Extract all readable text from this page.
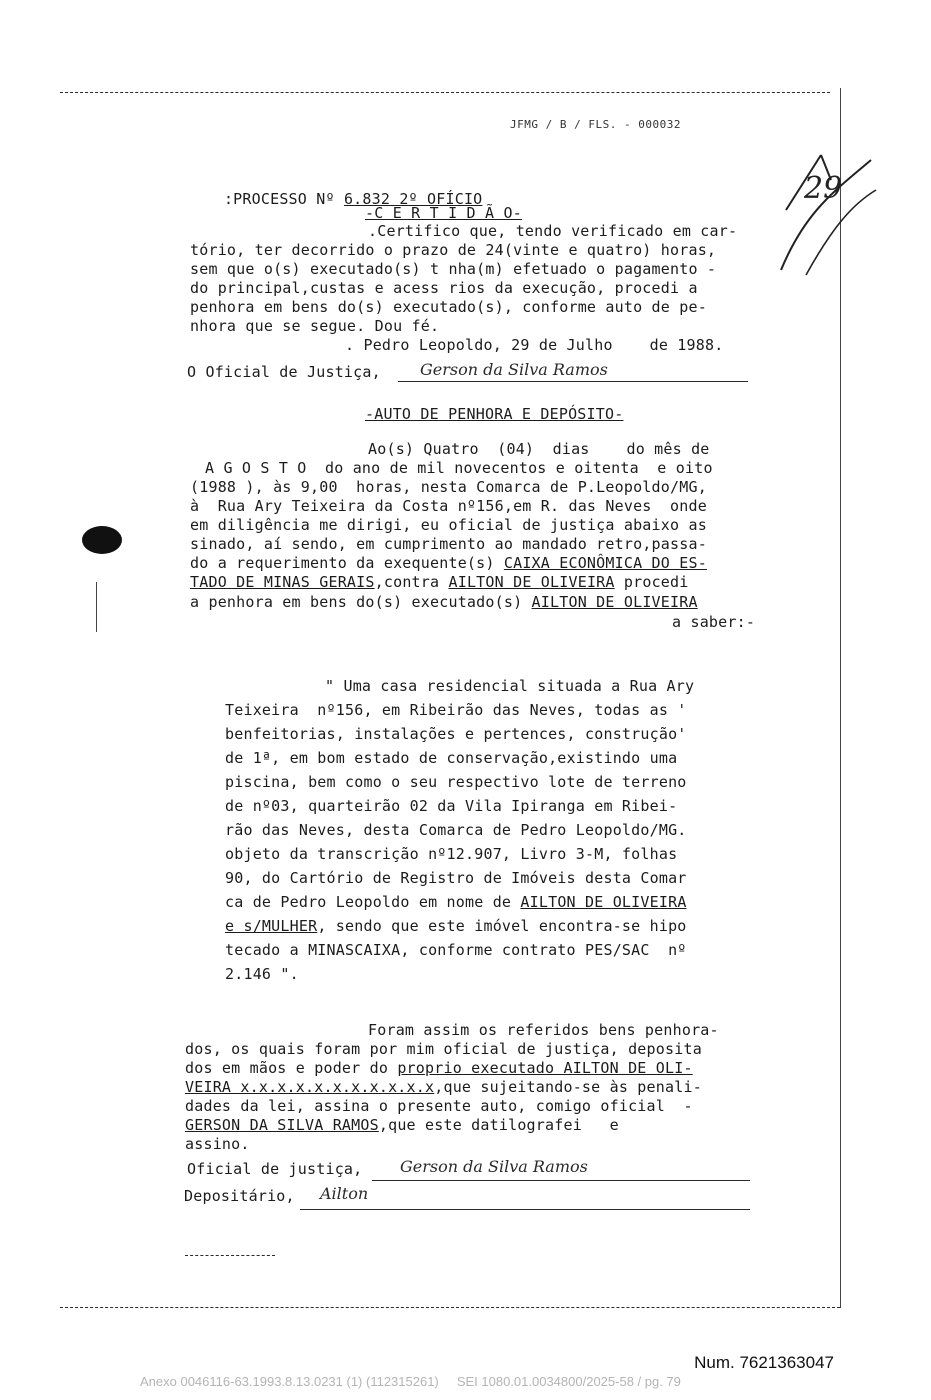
JFMG / B / FLS. - 000032
29

:PROCESSO Nº 6.832 2º OFÍCIO

-C E R T I D Ã O-
.Certifico que, tendo verificado em car-
tório, ter decorrido o prazo de 24(vinte e quatro) horas,
sem que o(s) executado(s) t nha(m) efetuado o pagamento -
do principal,custas e acess rios da execução, procedi a
penhora em bens do(s) executado(s), conforme auto de pe-
nhora que se segue. Dou fé.
. Pedro Leopoldo, 29 de Julho    de 1988.
O Oficial de Justiça, Gerson da Silva Ramos
-AUTO DE PENHORA E DEPÓSITO-
Ao(s) Quatro  (04)  dias    do mês de
A G O S T O  do ano de mil novecentos e oitenta  e oito
(1988 ), às 9,00  horas, nesta Comarca de P.Leopoldo/MG,
à  Rua Ary Teixeira da Costa nº156,em R. das Neves  onde
em diligência me dirigi, eu oficial de justiça abaixo as
sinado, aí sendo, em cumprimento ao mandado retro,passa-
do a requerimento da exequente(s) CAIXA ECONÔMICA DO ES-
TADO DE MINAS GERAIS,contra AILTON DE OLIVEIRA procedi
a penhora em bens do(s) executado(s) AILTON DE OLIVEIRA
a saber:-
" Uma casa residencial situada a Rua Ary
Teixeira  nº156, em Ribeirão das Neves, todas as '
benfeitorias, instalações e pertences, construção'
de 1ª, em bom estado de conservação,existindo uma
piscina, bem como o seu respectivo lote de terreno
de nº03, quarteirão 02 da Vila Ipiranga em Ribei-
rão das Neves, desta Comarca de Pedro Leopoldo/MG.
objeto da transcrição nº12.907, Livro 3-M, folhas
90, do Cartório de Registro de Imóveis desta Comar
ca de Pedro Leopoldo em nome de AILTON DE OLIVEIRA
e s/MULHER, sendo que este imóvel encontra-se hipo
tecado a MINASCAIXA, conforme contrato PES/SAC  nº
2.146 ".
Foram assim os referidos bens penhora-
dos, os quais foram por mim oficial de justiça, deposita
dos em mãos e poder do proprio executado AILTON DE OLI-
VEIRA x.x.x.x.x.x.x.x.x.x.x,que sujeitando-se às penali-
dades da lei, assina o presente auto, comigo oficial  -
GERSON DA SILVA RAMOS,que este datilografei   e
assino.
Oficial de justiça, Gerson da Silva Ramos
Depositário, Ailton
Num. 7621363047
Anexo 0046116-63.1993.8.13.0231 (1) (112315261)     SEI 1080.01.0034800/2025-58 / pg. 79
